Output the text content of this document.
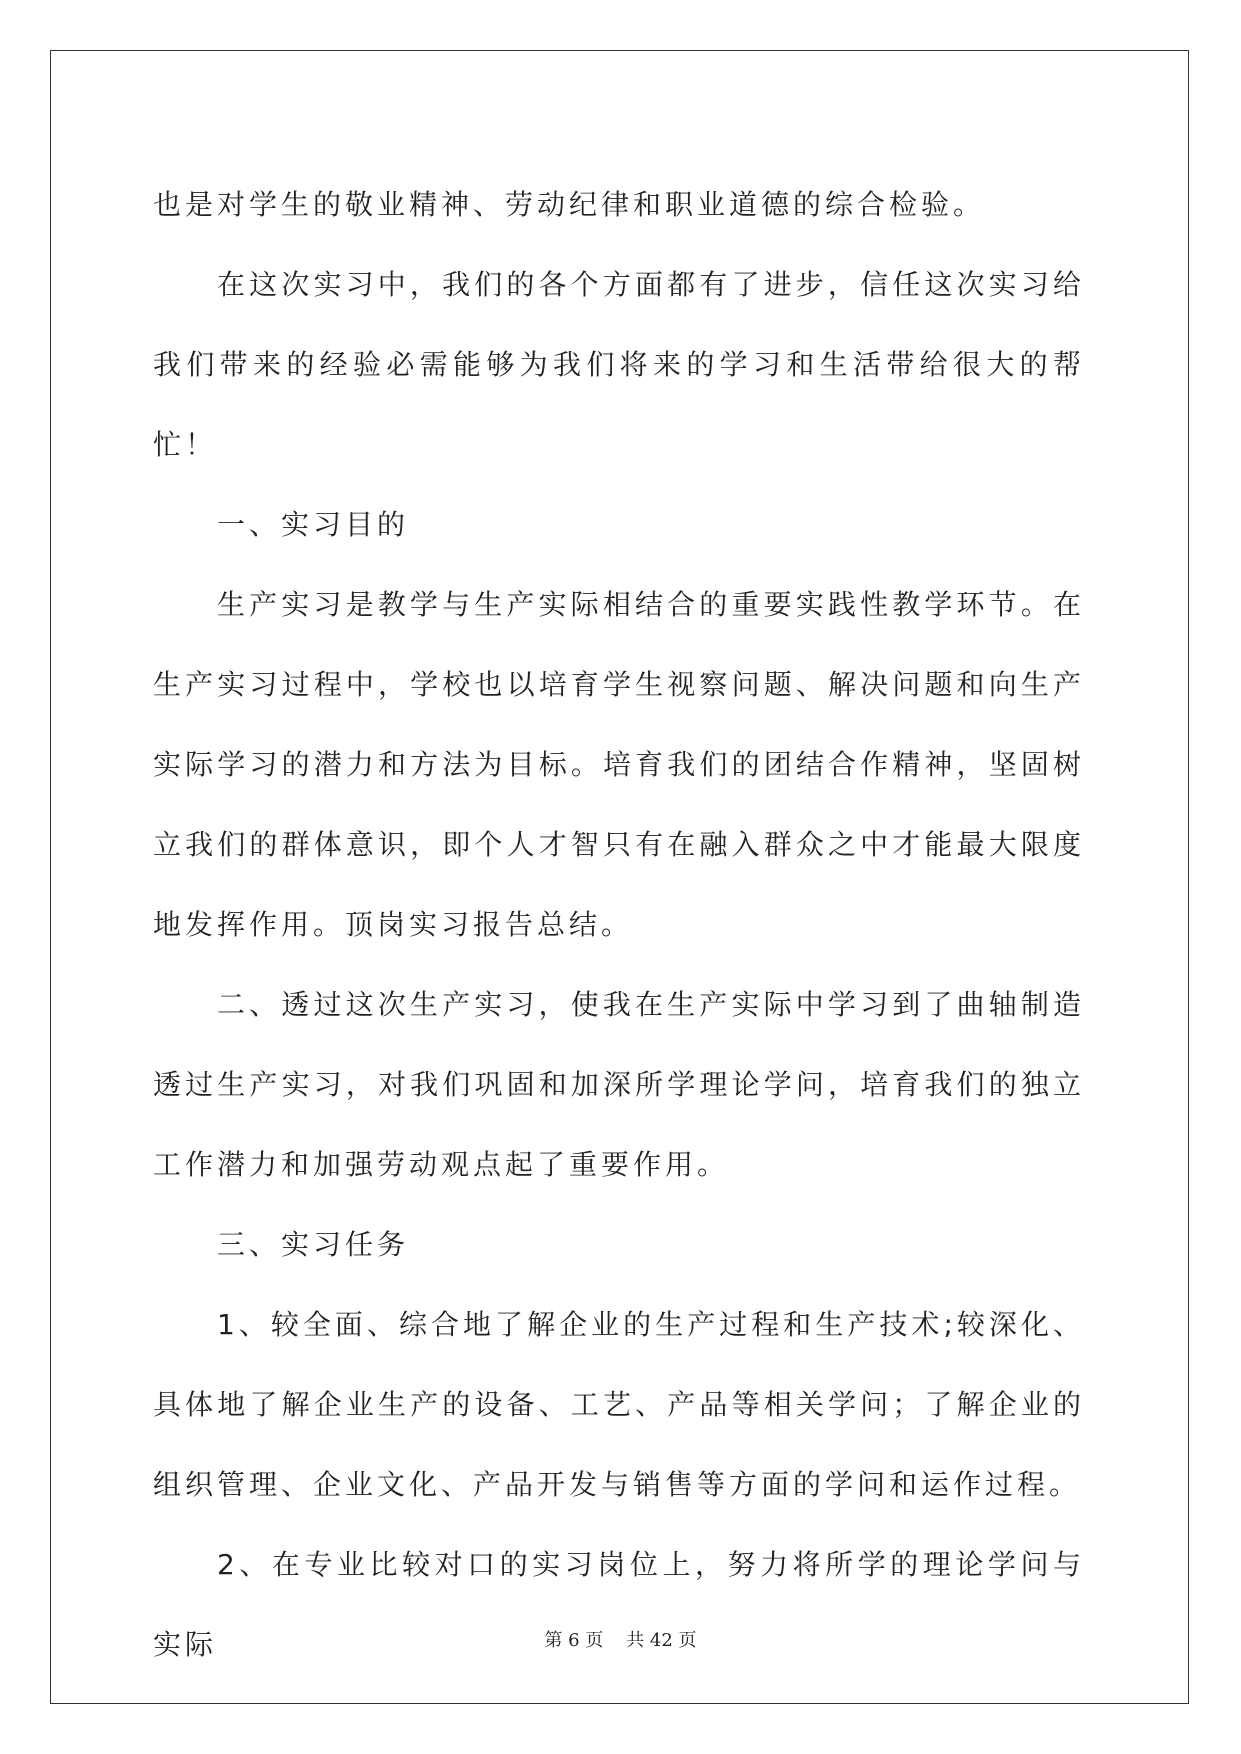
也是对学生的敬业精神、劳动纪律和职业道德的综合检验。

在这次实习中，我们的各个方面都有了进步，信任这次实习给我们带来的经验必需能够为我们将来的学习和生活带给很大的帮忙！

一、实习目的

生产实习是教学与生产实际相结合的重要实践性教学环节。在生产实习过程中，学校也以培育学生视察问题、解决问题和向生产实际学习的潜力和方法为目标。培育我们的团结合作精神，坚固树立我们的群体意识，即个人才智只有在融入群众之中才能最大限度地发挥作用。顶岗实习报告总结。

二、透过这次生产实习，使我在生产实际中学习到了曲轴制造透过生产实习，对我们巩固和加深所学理论学问，培育我们的独立工作潜力和加强劳动观点起了重要作用。

三、实习任务

1、较全面、综合地了解企业的生产过程和生产技术;较深化、具体地了解企业生产的设备、工艺、产品等相关学问；了解企业的组织管理、企业文化、产品开发与销售等方面的学问和运作过程。

2、在专业比较对口的实习岗位上，努力将所学的理论学问与实际	第 6 页    共 42 页
